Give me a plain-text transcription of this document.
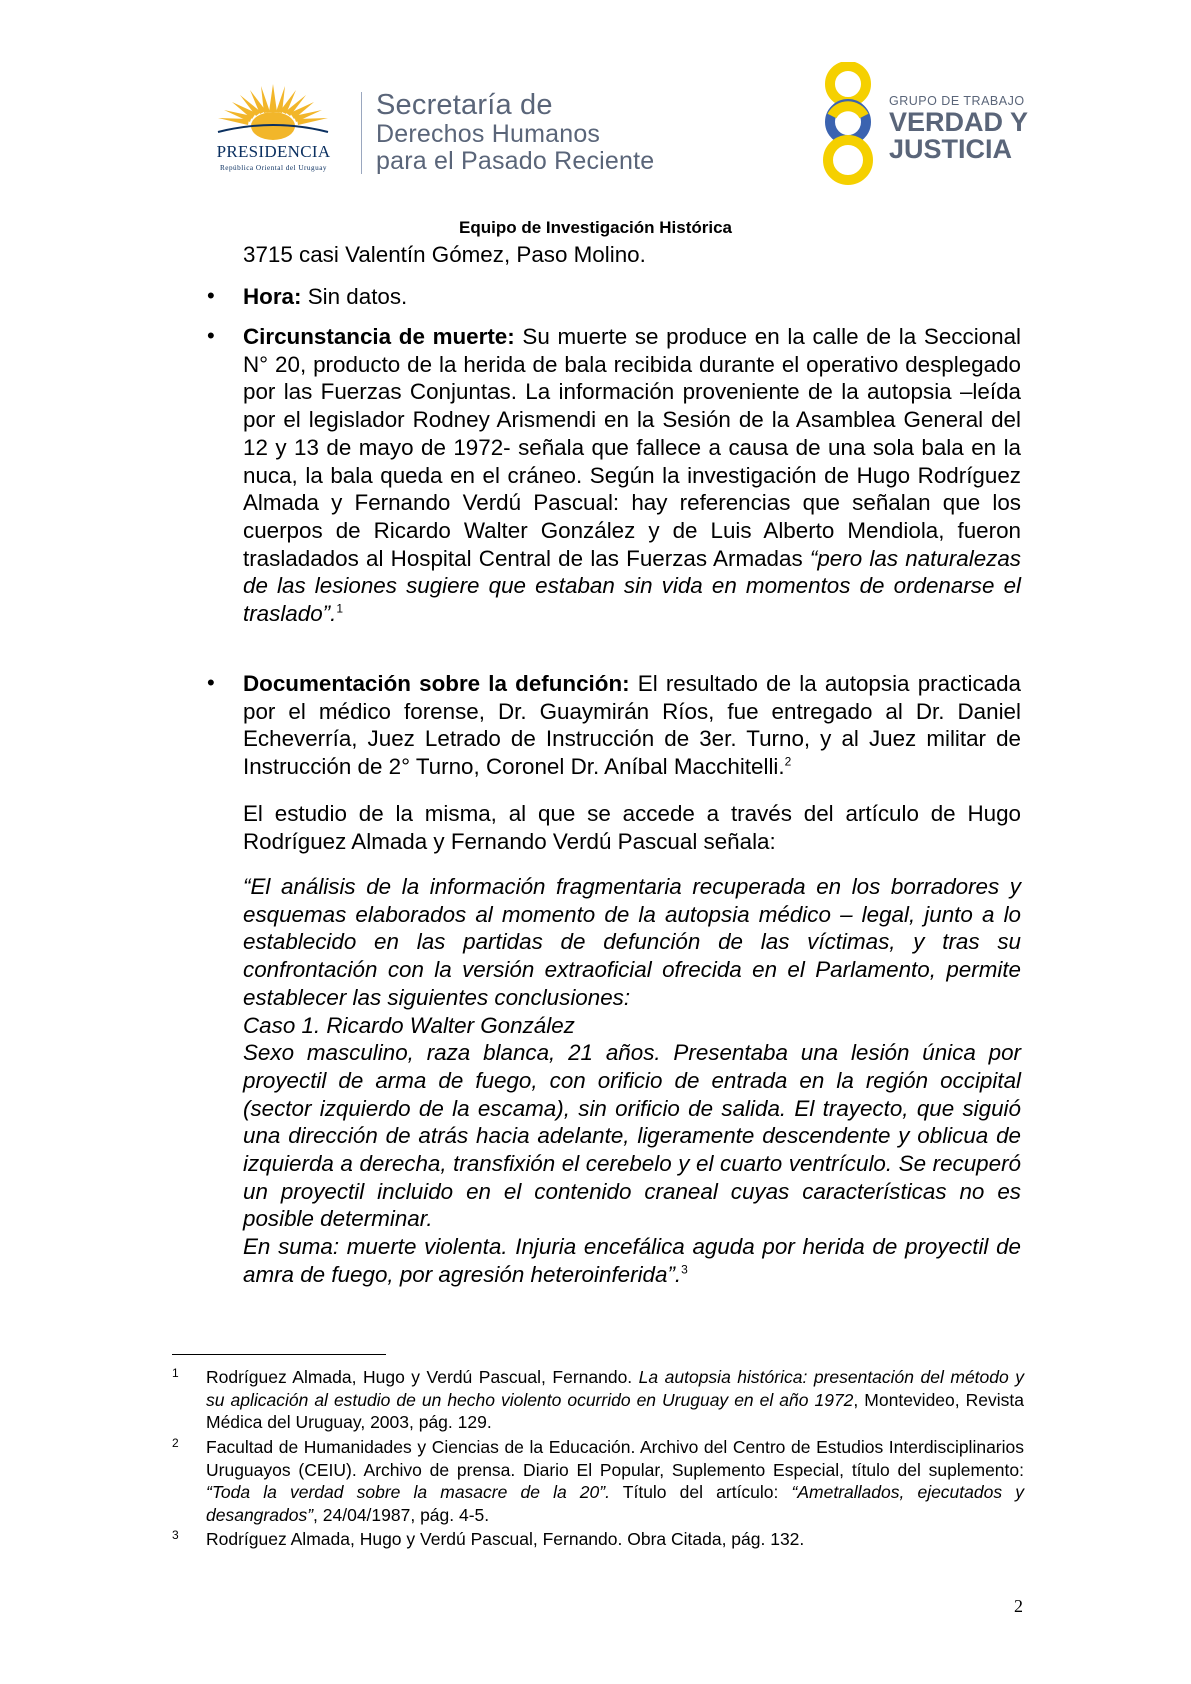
PRESIDENCIA
República Oriental del Uruguay
Secretaría de
Derechos Humanos
para el Pasado Reciente
GRUPO DE TRABAJO
VERDAD Y
JUSTICIA
Equipo de Investigación Histórica
3715 casi Valentín Gómez, Paso Molino.
• Hora: Sin datos.
• Circunstancia de muerte: Su muerte se produce en la calle de la Seccional N° 20, producto de la herida de bala recibida durante el operativo desplegado por las Fuerzas Conjuntas. La información proveniente de la autopsia –leída por el legislador Rodney Arismendi en la Sesión de la Asamblea General del 12 y 13 de mayo de 1972- señala que fallece a causa de una sola bala en la nuca, la bala queda en el cráneo. Según la investigación de Hugo Rodríguez Almada y Fernando Verdú Pascual: hay referencias que señalan que los cuerpos de Ricardo Walter González y de Luis Alberto Mendiola, fueron trasladados al Hospital Central de las Fuerzas Armadas “pero las naturalezas de las lesiones sugiere que estaban sin vida en momentos de ordenarse el traslado”.$^1$
• Documentación sobre la defunción: El resultado de la autopsia practicada por el médico forense, Dr. Guaymirán Ríos, fue entregado al Dr. Daniel Echeverría, Juez Letrado de Instrucción de 3er. Turno, y al Juez militar de Instrucción de 2° Turno, Coronel Dr. Aníbal Macchitelli.$^2$
El estudio de la misma, al que se accede a través del artículo de Hugo Rodríguez Almada y Fernando Verdú Pascual señala:
“El análisis de la información fragmentaria recuperada en los borradores y esquemas elaborados al momento de la autopsia médico – legal, junto a lo establecido en las partidas de defunción de las víctimas, y tras su confrontación con la versión extraoficial ofrecida en el Parlamento, permite establecer las siguientes conclusiones:
Caso 1. Ricardo Walter González
Sexo masculino, raza blanca, 21 años. Presentaba una lesión única por proyectil de arma de fuego, con orificio de entrada en la región occipital (sector izquierdo de la escama), sin orificio de salida. El trayecto, que siguió una dirección de atrás hacia adelante, ligeramente descendente y oblicua de izquierda a derecha, transfixión el cerebelo y el cuarto ventrículo. Se recuperó un proyectil incluido en el contenido craneal cuyas características no es posible determinar.
En suma: muerte violenta. Injuria encefálica aguda por herida de proyectil de amra de fuego, por agresión heteroinferida”.$^3$
1 Rodríguez Almada, Hugo y Verdú Pascual, Fernando. La autopsia histórica: presentación del método y su aplicación al estudio de un hecho violento ocurrido en Uruguay en el año 1972, Montevideo, Revista Médica del Uruguay, 2003, pág. 129.
2 Facultad de Humanidades y Ciencias de la Educación. Archivo del Centro de Estudios Interdisciplinarios Uruguayos (CEIU). Archivo de prensa. Diario El Popular, Suplemento Especial, título del suplemento: “Toda la verdad sobre la masacre de la 20”. Título del artículo: “Ametrallados, ejecutados y desangrados”, 24/04/1987, pág. 4-5.
3 Rodríguez Almada, Hugo y Verdú Pascual, Fernando. Obra Citada, pág. 132.
2
